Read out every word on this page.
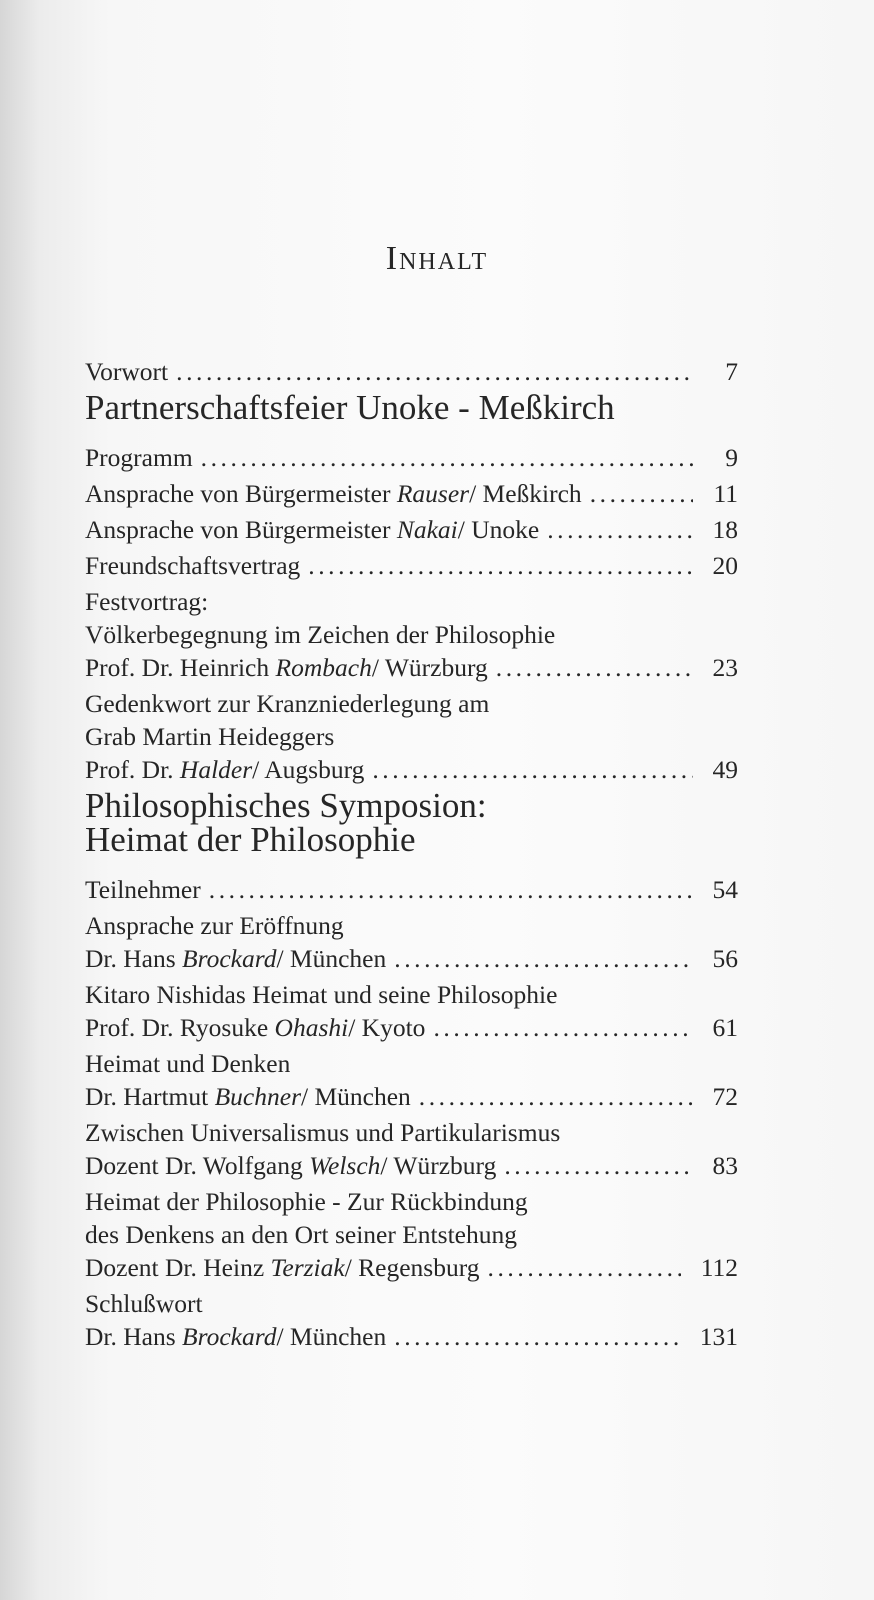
Inhalt
Vorwort . . .	7
Partnerschaftsfeier Unoke - Meßkirch
Programm . . .	9
Ansprache von Bürgermeister Rauser/ Meßkirch . . .	11
Ansprache von Bürgermeister Nakai/ Unoke . . .	18
Freundschaftsvertrag . . .	20
Festvortrag:
Völkerbegegnung im Zeichen der Philosophie
Prof. Dr. Heinrich Rombach/ Würzburg . . .	23
Gedenkwort zur Kranzniederlegung am
Grab Martin Heideggers
Prof. Dr. Halder/ Augsburg . . .	49
Philosophisches Symposion:
Heimat der Philosophie
Teilnehmer . . .	54
Ansprache zur Eröffnung
Dr. Hans Brockard/ München . . .	56
Kitaro Nishidas Heimat und seine Philosophie
Prof. Dr. Ryosuke Ohashi/ Kyoto . . .	61
Heimat und Denken
Dr. Hartmut Buchner/ München . . .	72
Zwischen Universalismus und Partikularismus
Dozent Dr. Wolfgang Welsch/ Würzburg . . .	83
Heimat der Philosophie - Zur Rückbindung
des Denkens an den Ort seiner Entstehung
Dozent Dr. Heinz Terziak/ Regensburg . . .	112
Schlußwort
Dr. Hans Brockard/ München . . .	131
